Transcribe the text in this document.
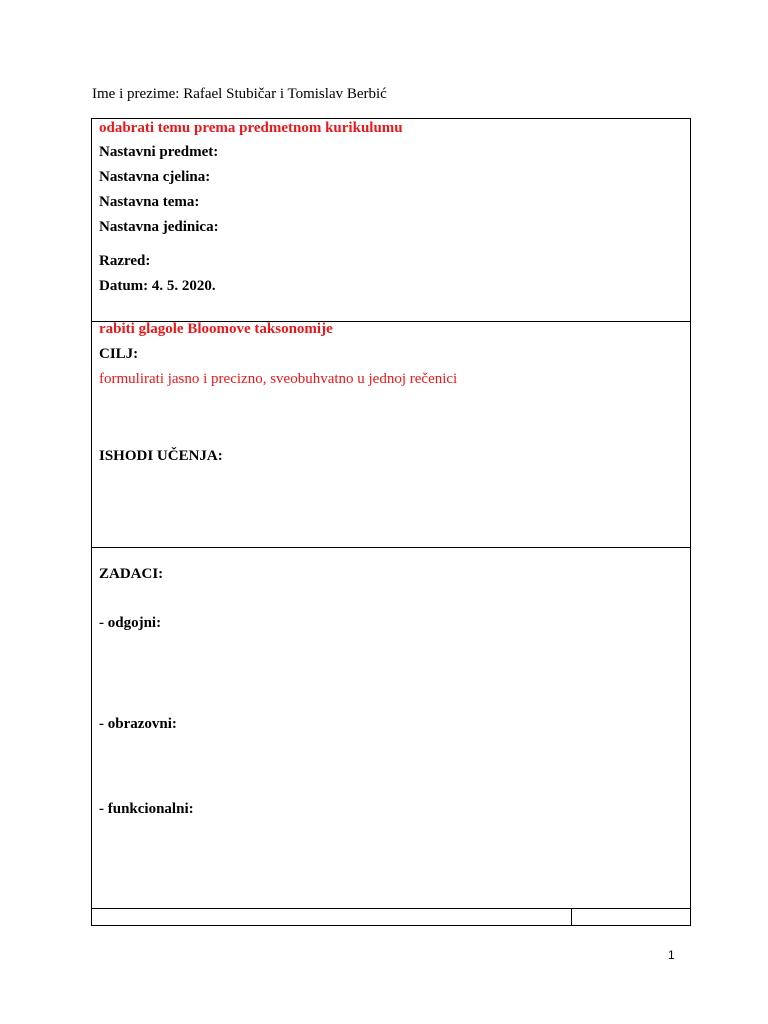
Ime i prezime: Rafael Stubičar i Tomislav Berbić
odabrati temu prema predmetnom kurikulumu
Nastavni predmet:
Nastavna cjelina:
Nastavna tema:
Nastavna jedinica:
Razred:
Datum: 4. 5. 2020.
rabiti glagole Bloomove taksonomije
CILJ:
formulirati jasno i precizno, sveobuhvatno u jednoj rečenici
ISHODI UČENJA:
ZADACI:
- odgojni:
- obrazovni:
- funkcionalni:
1
